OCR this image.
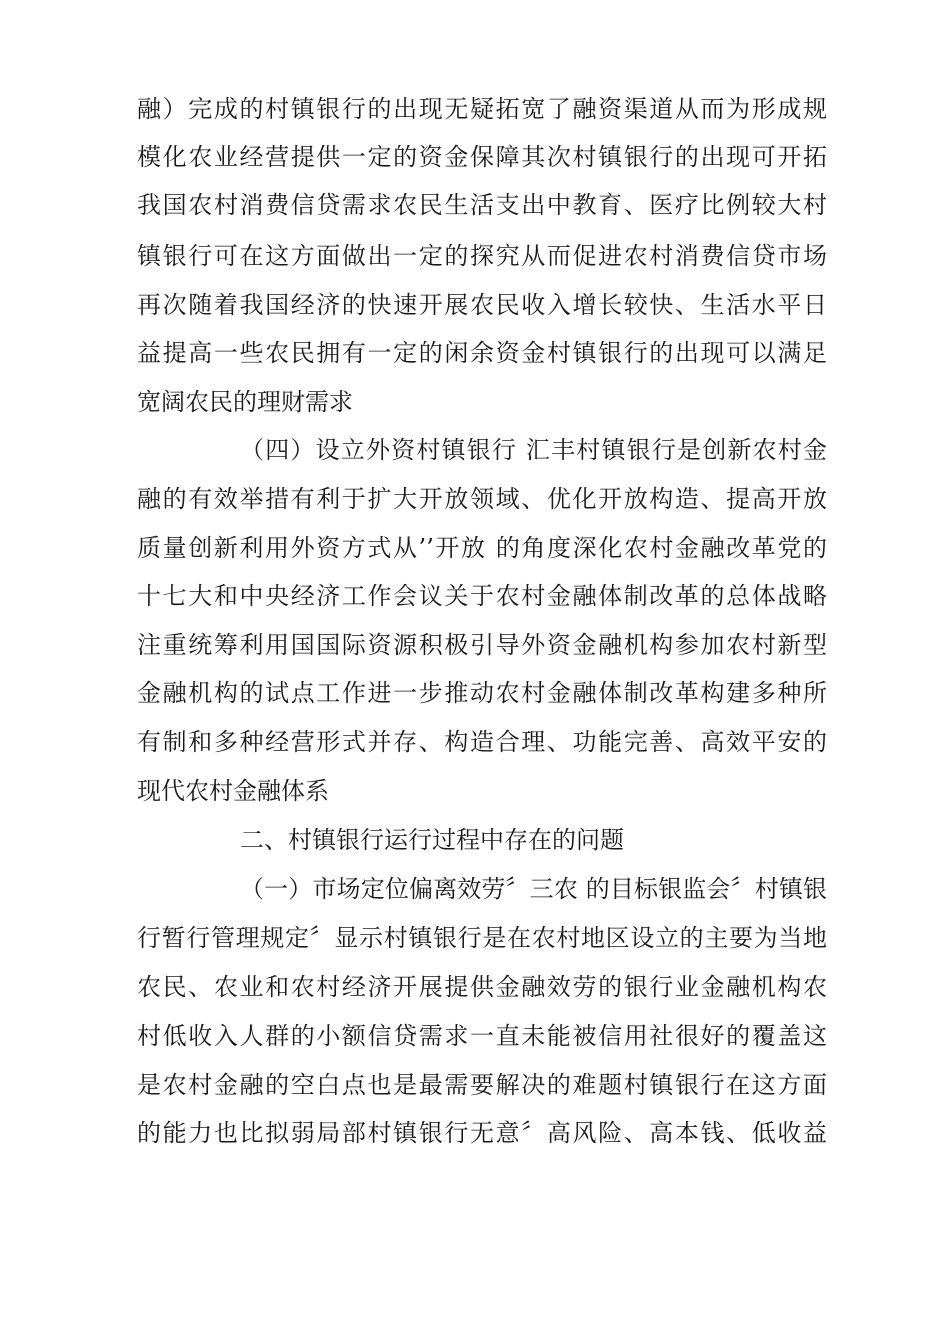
融）完成的村镇银行的出现无疑拓宽了融资渠道从而为形成规
模化农业经营提供一定的资金保障其次村镇银行的出现可开拓
我国农村消费信贷需求农民生活支出中教育、医疗比例较大村
镇银行可在这方面做出一定的探究从而促进农村消费信贷市场
再次随着我国经济的快速开展农民收入增长较快、生活水平日
益提高一些农民拥有一定的闲余资金村镇银行的出现可以满足
宽阔农民的理财需求
（四）设立外资村镇银行 汇丰村镇银行是创新农村金
融的有效举措有利于扩大开放领域、优化开放构造、提高开放
质量创新利用外资方式从’’开放 的角度深化农村金融改革党的
十七大和中央经济工作会议关于农村金融体制改革的总体战略
注重统筹利用国国际资源积极引导外资金融机构参加农村新型
金融机构的试点工作进一步推动农村金融体制改革构建多种所
有制和多种经营形式并存、构造合理、功能完善、高效平安的
现代农村金融体系
二、村镇银行运行过程中存在的问题
（一）市场定位偏离效劳〞三农 的目标银监会〞村镇银
行暂行管理规定〞显示村镇银行是在农村地区设立的主要为当地
农民、农业和农村经济开展提供金融效劳的银行业金融机构农
村低收入人群的小额信贷需求一直未能被信用社很好的覆盖这
是农村金融的空白点也是最需要解决的难题村镇银行在这方面
的能力也比拟弱局部村镇银行无意〞高风险、高本钱、低收益
